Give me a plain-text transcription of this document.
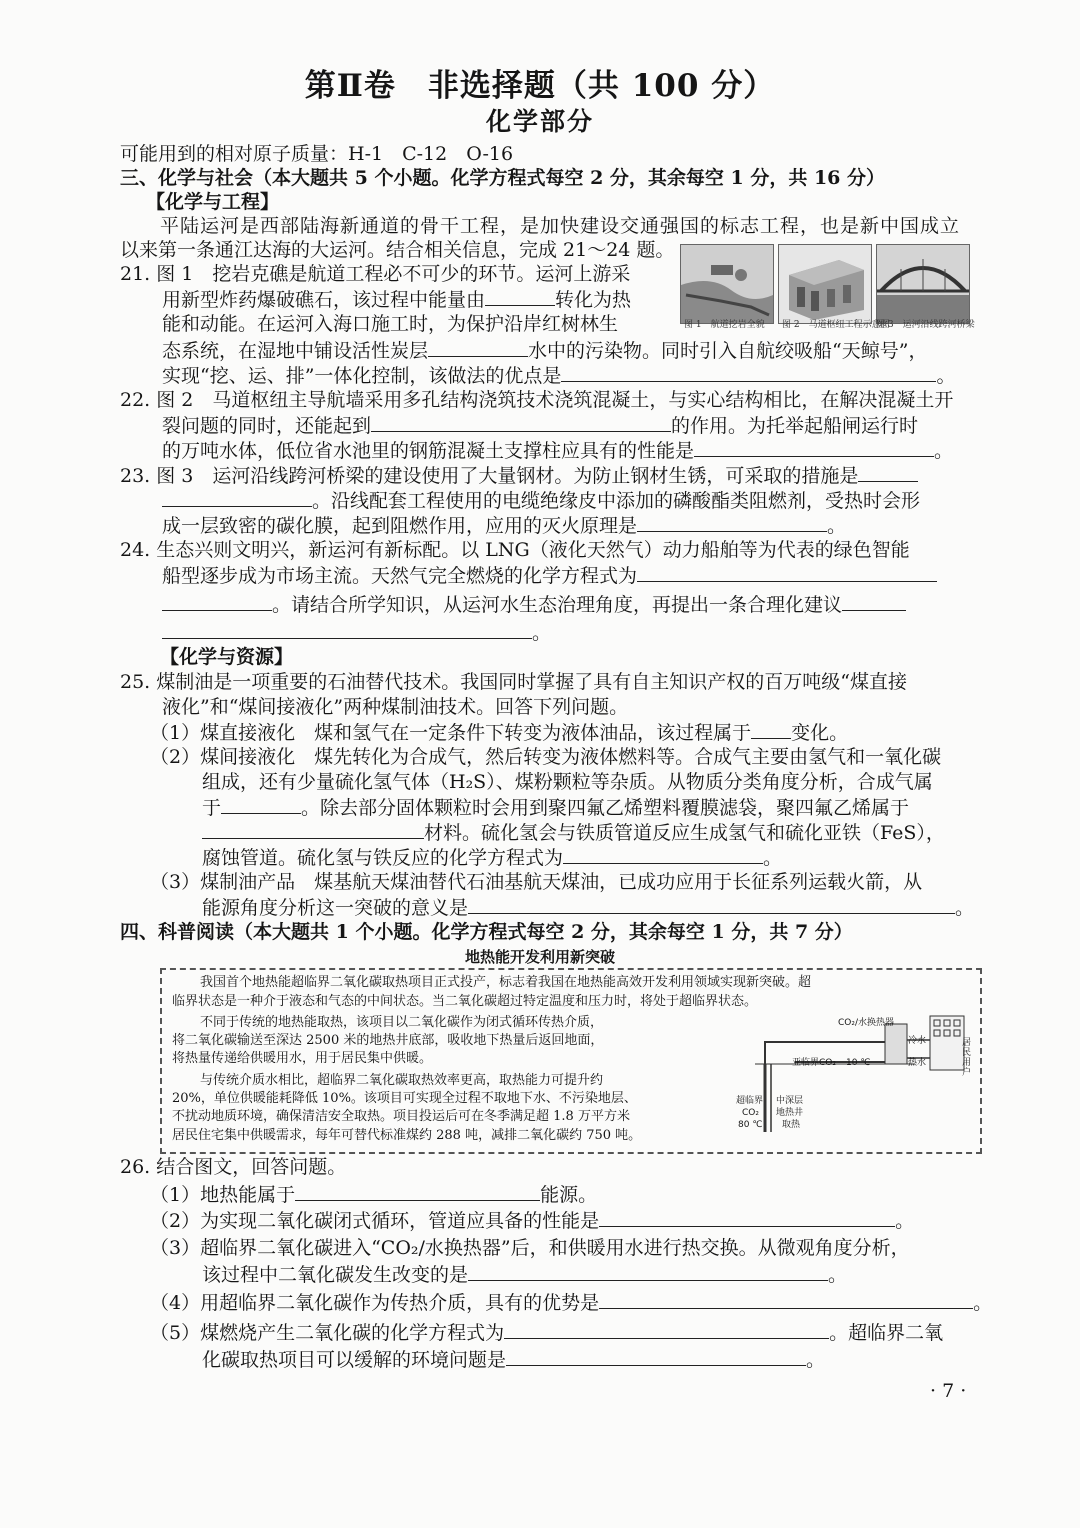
第Ⅱ卷　非选择题（共 100 分）
化学部分
可能用到的相对原子质量：H-1　C-12　O-16
三、化学与社会（本大题共 5 个小题。化学方程式每空 2 分，其余每空 1 分，共 16 分）
【化学与工程】
平陆运河是西部陆海新通道的骨干工程，是加快建设交通强国的标志工程，也是新中国成立
以来第一条通江达海的大运河。结合相关信息，完成 21～24 题。
图 1　航道挖岩全貌 图 2　马道枢纽工程示意图
图 3　运河沿线跨河桥梁
21. 图 1　挖岩克礁是航道工程必不可少的环节。运河上游采
用新型炸药爆破礁石，该过程中能量由	转化为热
能和动能。在运河入海口施工时，为保护沿岸红树林生
态系统，在湿地中铺设活性炭层	水中的污染物。同时引入自航绞吸船“天鲸号”，
实现“挖、运、排”一体化控制，该做法的优点是	。
22. 图 2　马道枢纽主导航墙采用多孔结构浇筑技术浇筑混凝土，与实心结构相比，在解决混凝土开
裂问题的同时，还能起到	的作用。为托举起船闸运行时
的万吨水体，低位省水池里的钢筋混凝土支撑柱应具有的性能是	。
23. 图 3　运河沿线跨河桥梁的建设使用了大量钢材。为防止钢材生锈，可采取的措施是
。沿线配套工程使用的电缆绝缘皮中添加的磷酸酯类阻燃剂，受热时会形
成一层致密的碳化膜，起到阻燃作用，应用的灭火原理是	。
24. 生态兴则文明兴，新运河有新标配。以 LNG（液化天然气）动力船舶等为代表的绿色智能
船型逐步成为市场主流。天然气完全燃烧的化学方程式为
。请结合所学知识，从运河水生态治理角度，再提出一条合理化建议
。
【化学与资源】
25. 煤制油是一项重要的石油替代技术。我国同时掌握了具有自主知识产权的百万吨级“煤直接
液化”和“煤间接液化”两种煤制油技术。回答下列问题。
（1）煤直接液化　煤和氢气在一定条件下转变为液体油品，该过程属于 变化。
（2）煤间接液化　煤先转化为合成气，然后转变为液体燃料等。合成气主要由氢气和一氧化碳
组成，还有少量硫化氢气体（H₂S）、煤粉颗粒等杂质。从物质分类角度分析，合成气属
于	。除去部分固体颗粒时会用到聚四氟乙烯塑料覆膜滤袋，聚四氟乙烯属于
材料。硫化氢会与铁质管道反应生成氢气和硫化亚铁（FeS），
腐蚀管道。硫化氢与铁反应的化学方程式为	。
（3）煤制油产品　煤基航天煤油替代石油基航天煤油，已成功应用于长征系列运载火箭，从
能源角度分析这一突破的意义是	。
四、科普阅读（本大题共 1 个小题。化学方程式每空 2 分，其余每空 1 分，共 7 分）
地热能开发利用新突破
我国首个地热能超临界二氧化碳取热项目正式投产，标志着我国在地热能高效开发利用领域实现新突破。超
临界状态是一种介于液态和气态的中间状态。当二氧化碳超过特定温度和压力时，将处于超临界状态。
不同于传统的地热能取热，该项目以二氧化碳作为闭式循环传热介质，
将二氧化碳输送至深达 2500 米的地热井底部，吸收地下热量后返回地面，
将热量传递给供暖用水，用于居民集中供暖。
与传统介质水相比，超临界二氧化碳取热效率更高，取热能力可提升约
20%，单位供暖能耗降低 10%。该项目可实现全过程不取地下水、不污染地层、
不扰动地质环境，确保清洁安全取热。项目投运后可在冬季满足超 1.8 万平方米
居民住宅集中供暖需求，每年可替代标准煤约 288 吨，减排二氧化碳约 750 吨。
CO₂/水换热器
冷水
热水
亚临界CO₂ 10 ℃
居民用户
超临界
CO₂
80 ℃
中深层
地热井
取热
26. 结合图文，回答问题。
（1）地热能属于	能源。
（2）为实现二氧化碳闭式循环，管道应具备的性能是	。
（3）超临界二氧化碳进入“CO₂/水换热器”后，和供暖用水进行热交换。从微观角度分析，
该过程中二氧化碳发生改变的是	。
（4）用超临界二氧化碳作为传热介质，具有的优势是	。
（5）煤燃烧产生二氧化碳的化学方程式为	。超临界二氧
化碳取热项目可以缓解的环境问题是	。
· 7 ·
